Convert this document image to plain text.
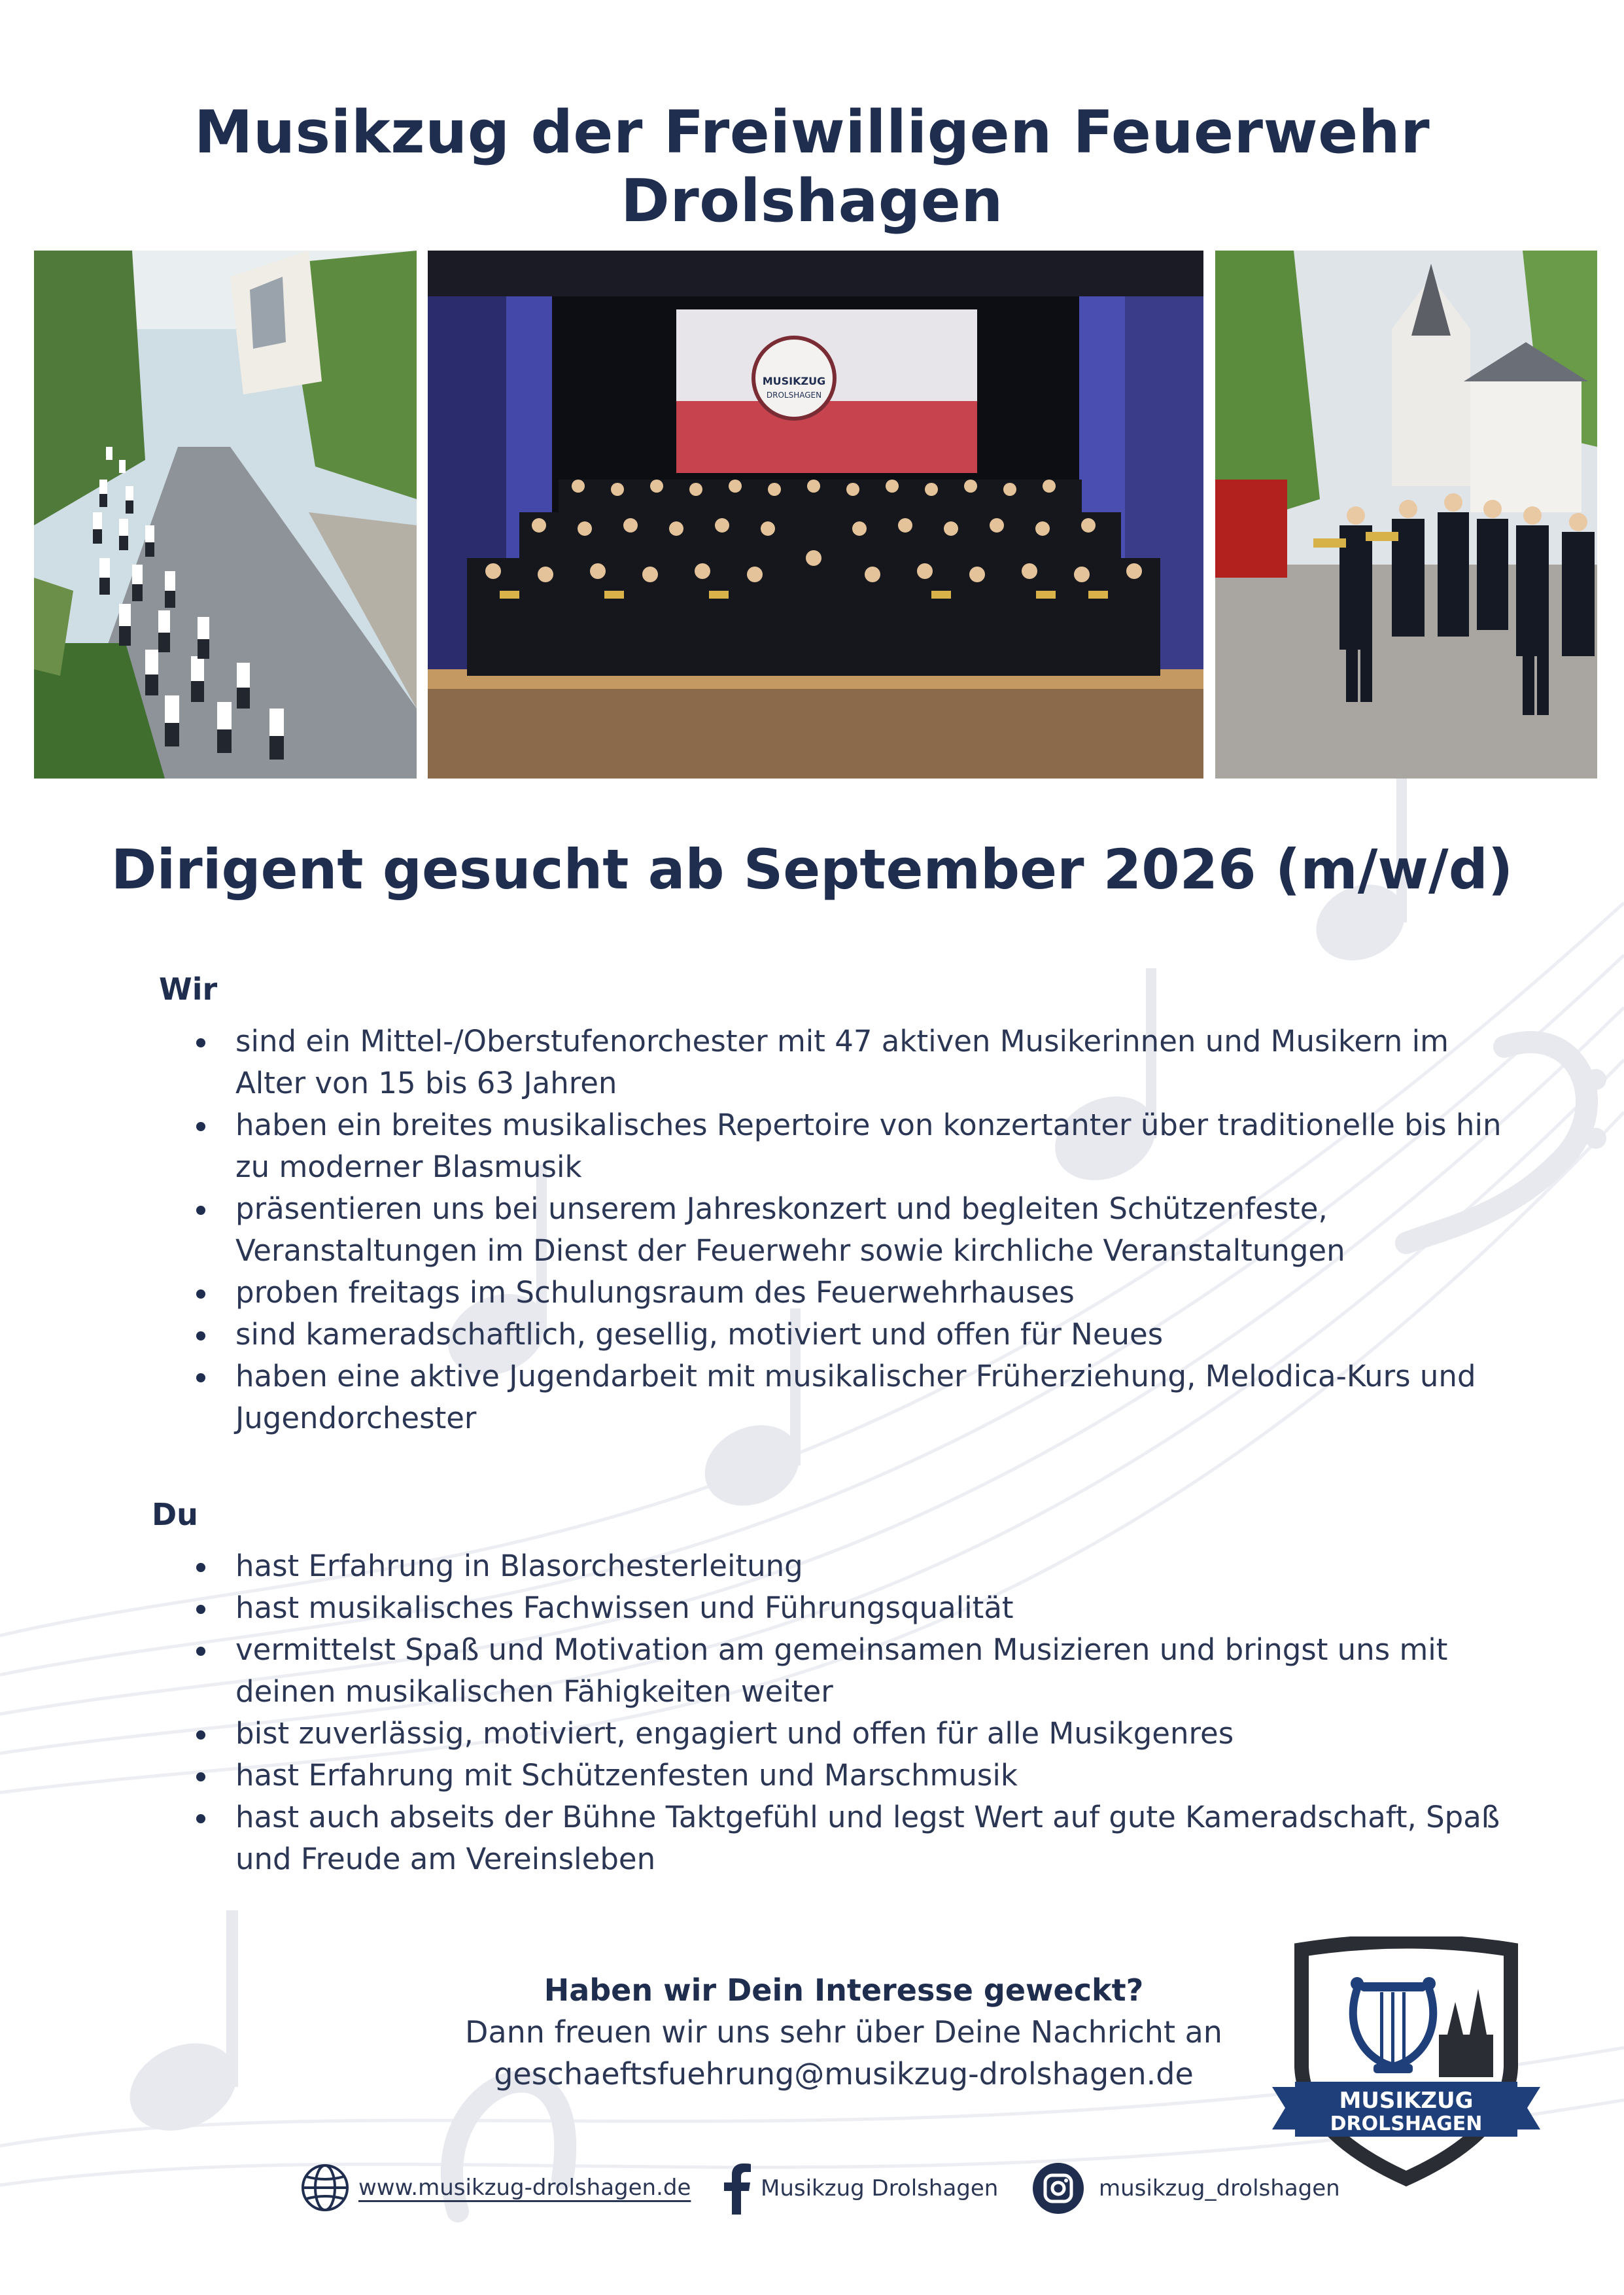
Musikzug der Freiwilligen Feuerwehr Drolshagen
MUSIKZUG
DROLSHAGEN
Dirigent gesucht ab September 2026 (m/w/d)
Wir
sind ein Mittel-/Oberstufenorchester mit 47 aktiven Musikerinnen und Musikern im Alter von 15 bis 63 Jahren
haben ein breites musikalisches Repertoire von konzertanter über traditionelle bis hin zu moderner Blasmusik
präsentieren uns bei unserem Jahreskonzert und begleiten Schützenfeste, Veranstaltungen im Dienst der Feuerwehr sowie kirchliche Veranstaltungen
proben freitags im Schulungsraum des Feuerwehrhauses
sind kameradschaftlich, gesellig, motiviert und offen für Neues
haben eine aktive Jugendarbeit mit musikalischer Früherziehung, Melodica-Kurs und Jugendorchester
Du
hast Erfahrung in Blasorchesterleitung
hast musikalisches Fachwissen und Führungsqualität
vermittelst Spaß und Motivation am gemeinsamen Musizieren und bringst uns mit deinen musikalischen Fähigkeiten weiter
bist zuverlässig, motiviert, engagiert und offen für alle Musikgenres
hast Erfahrung mit Schützenfesten und Marschmusik
hast auch abseits der Bühne Taktgefühl und legst Wert auf gute Kameradschaft, Spaß und Freude am Vereinsleben
Haben wir Dein Interesse geweckt?
Dann freuen wir uns sehr über Deine Nachricht an
geschaeftsfuehrung@musikzug-drolshagen.de
MUSIKZUG
DROLSHAGEN
www.musikzug-drolshagen.de	Musikzug Drolshagen	musikzug_drolshagen
